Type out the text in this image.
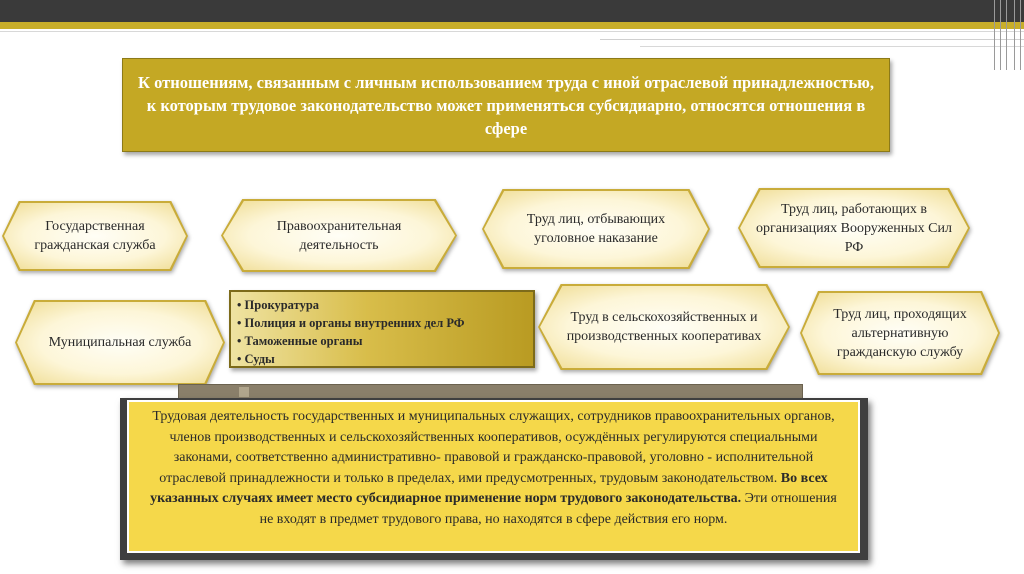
К отношениям, связанным с личным использованием труда с иной отраслевой принадлежностью, к которым трудовое законодательство может применяться субсидиарно, относятся отношения в сфере
Государственная гражданская служба
Правоохранительная деятельность
Труд лиц, отбывающих уголовное наказание
Труд лиц, работающих в организациях Вооруженных Сил РФ
Муниципальная служба
• Прокуратура
• Полиция и органы внутренних дел РФ
• Таможенные органы
• Суды
Труд в сельскохозяйственных и производственных кооперативах
Труд лиц, проходящих альтернативную гражданскую службу
Трудовая деятельность государственных и муниципальных служащих, сотрудников правоохранительных органов, членов производственных и сельскохозяйственных кооперативов, осуждённых регулируются специальными законами, соответственно административно- правовой и гражданско-правовой, уголовно - исполнительной отраслевой принадлежности и только в пределах, ими предусмотренных, трудовым законодательством. Во всех указанных случаях имеет место субсидиарное применение норм трудового законодательства. Эти отношения не входят в предмет трудового права, но находятся в сфере действия его норм.
